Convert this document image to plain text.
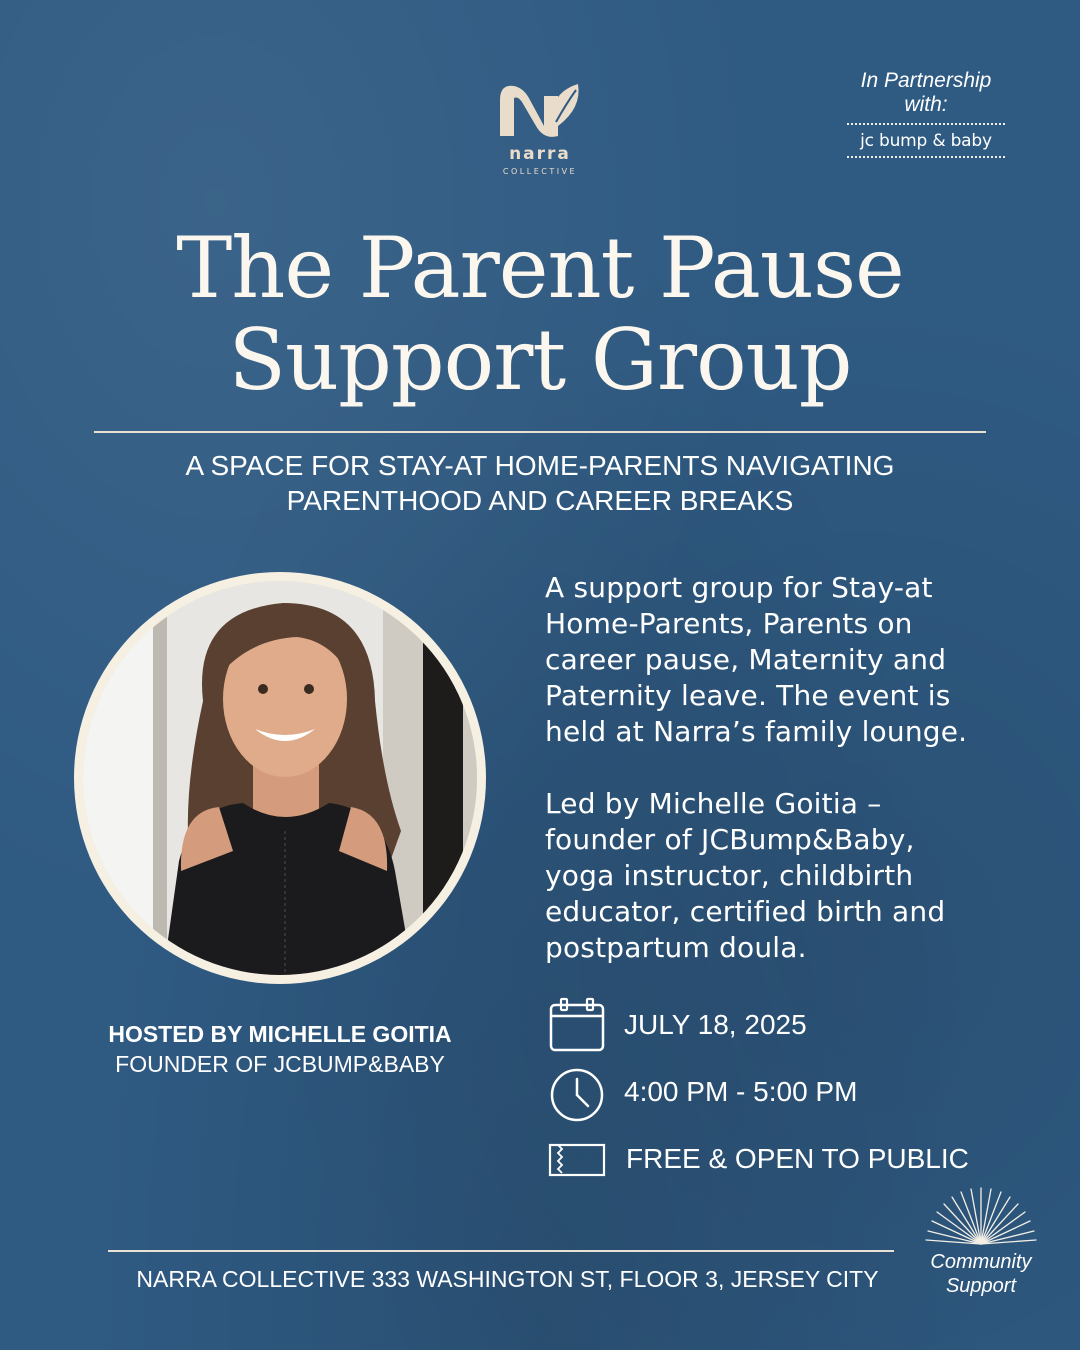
narra
COLLECTIVE
In Partnership
with:
jc bump & baby
The Parent Pause
Support Group
A SPACE FOR STAY-AT HOME-PARENTS NAVIGATING
PARENTHOOD AND CAREER BREAKS
HOSTED BY MICHELLE GOITIA
FOUNDER OF JCBUMP&BABY

A support group for Stay-at
Home-Parents, Parents on
career pause, Maternity and
Paternity leave. The event is
held at Narra’s family lounge.

Led by Michelle Goitia –
founder of JCBump&Baby,
yoga instructor, childbirth
educator, certified birth and
postpartum doula.

JULY 18, 2025
4:00 PM - 5:00 PM
FREE & OPEN TO PUBLIC
NARRA COLLECTIVE 333 WASHINGTON ST, FLOOR 3, JERSEY CITY
Community
Support
